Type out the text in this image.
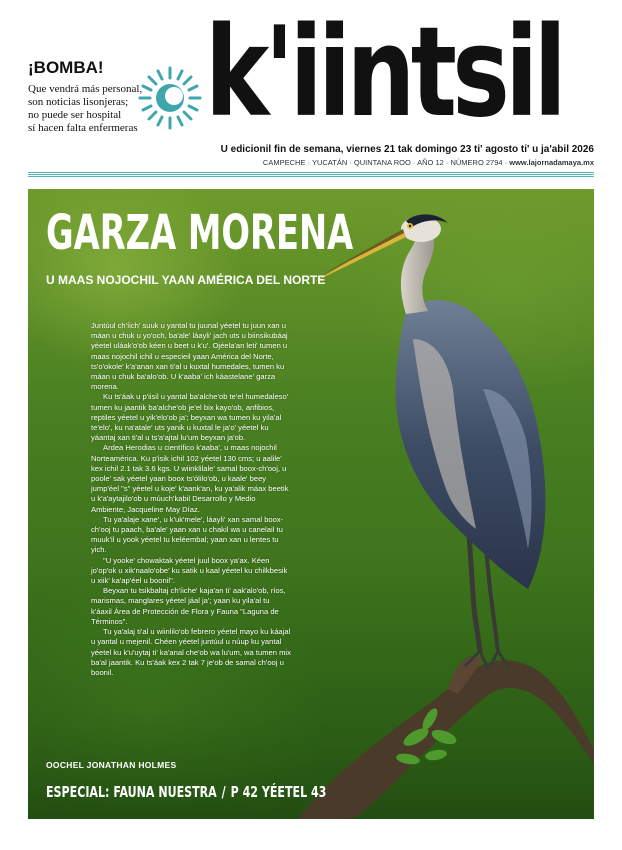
¡BOMBA!
Que vendrá más personal,
son noticias lisonjeras;
no puede ser hospital
sí hacen falta enfermeras k'iintsil
U edicionil fin de semana, viernes 21 tak domingo 23 ti' agosto ti' u ja'abil 2026
CAMPECHE · YUCATÁN · QUINTANA ROO · AÑO 12 · NÚMERO 2794 · www.lajornadamaya.mx
GARZA MORENA
U MAAS NOJOCHIL YAAN AMÉRICA DEL NORTE

Juntúul ch'íich' suuk u yantal tu juunal yéetel tu juun xan u máan u chuk u yo'och, ba'ale' láayli' jach uts u biinsikubáaj yéetel uláak'o'ob kéen u beet u k'u'. Ojéela'an leti' tumen u maas nojochil ichil u especieil yaan América del Norte, ts'o'okole' k'a'anan xan ti'al u kuxtal humedales, tumen ku máan u chuk ba'alo'ob. U k'aaba' ich káastelane' garza morena.

Ku ts'áak u p'iisil u yantal ba'alche'ob te'el humedaleso' tumen ku jaantik ba'alche'ob je'el bix kayo'ob, anfibios, reptiles yéetel u yik'elo'ob ja'; beyxan wa tumen ku yila'al te'elo', ku na'atale' uts yanik u kuxtal le ja'o' yéetel ku yáantaj xan ti'al u ts'a'ajtal lu'um beyxan ja'ob.

Ardea Herodias u científico k'aaba', u maas nojochil Norteamérica. Ku p'isik ichil 102 yéetel 130 cms; u aalile' kex ichil 2.1 tak 3.6 kgs. U wiinklilale' samal boox-ch'ooj, u poole' sak yéetel yaan boox ts'ólilo'ob, u kaale' beey jump'éel "s" yéetel u koje' k'aank'an, ku ya'alik máax beetik u k'a'aytajilo'ob u múuch'kabil Desarrollo y Medio Ambiente, Jacqueline May Díaz.

Tu ya'alaje xane', u k'uk'mele', láayli' xan samal boox-ch'ooj tu paach, ba'ale' yaan xan u chakil wa u canelail tu muuk'il u yook yéetel tu keléembal; yaan xan u lentes tu yich.

"U yooke' chowaktak yéetel juul boox ya'ax. Kéen jo'op'ok u xik'naalo'obe' ku satik u kaal yéetel ku chilkbesik u xiik' ka'ap'éel u boonil".

Beyxan tu tsikbaltaj ch'íiche' kaja'an ti' aak'alo'ob, ríos, marismas, manglares yéetel jáal ja'; yaan ku yila'al tu k'áaxil Área de Protección de Flora y Fauna "Laguna de Términos".

Tu ya'alaj ti'al u wiinlilo'ob febrero yéetel mayo ku káajal u yantal u mejenil. Chéen yéetel juntúul u núup ku yantal yéetel ku k'u'uytaj ti' ka'anal che'ob wa lu'um, wa tumen mix ba'al jaantik. Ku ts'áak kex 2 tak 7 je'ob de samal ch'ooj u boonil.

OOCHEL JONATHAN HOLMES
ESPECIAL: FAUNA NUESTRA / P 42 YÉETEL 43
